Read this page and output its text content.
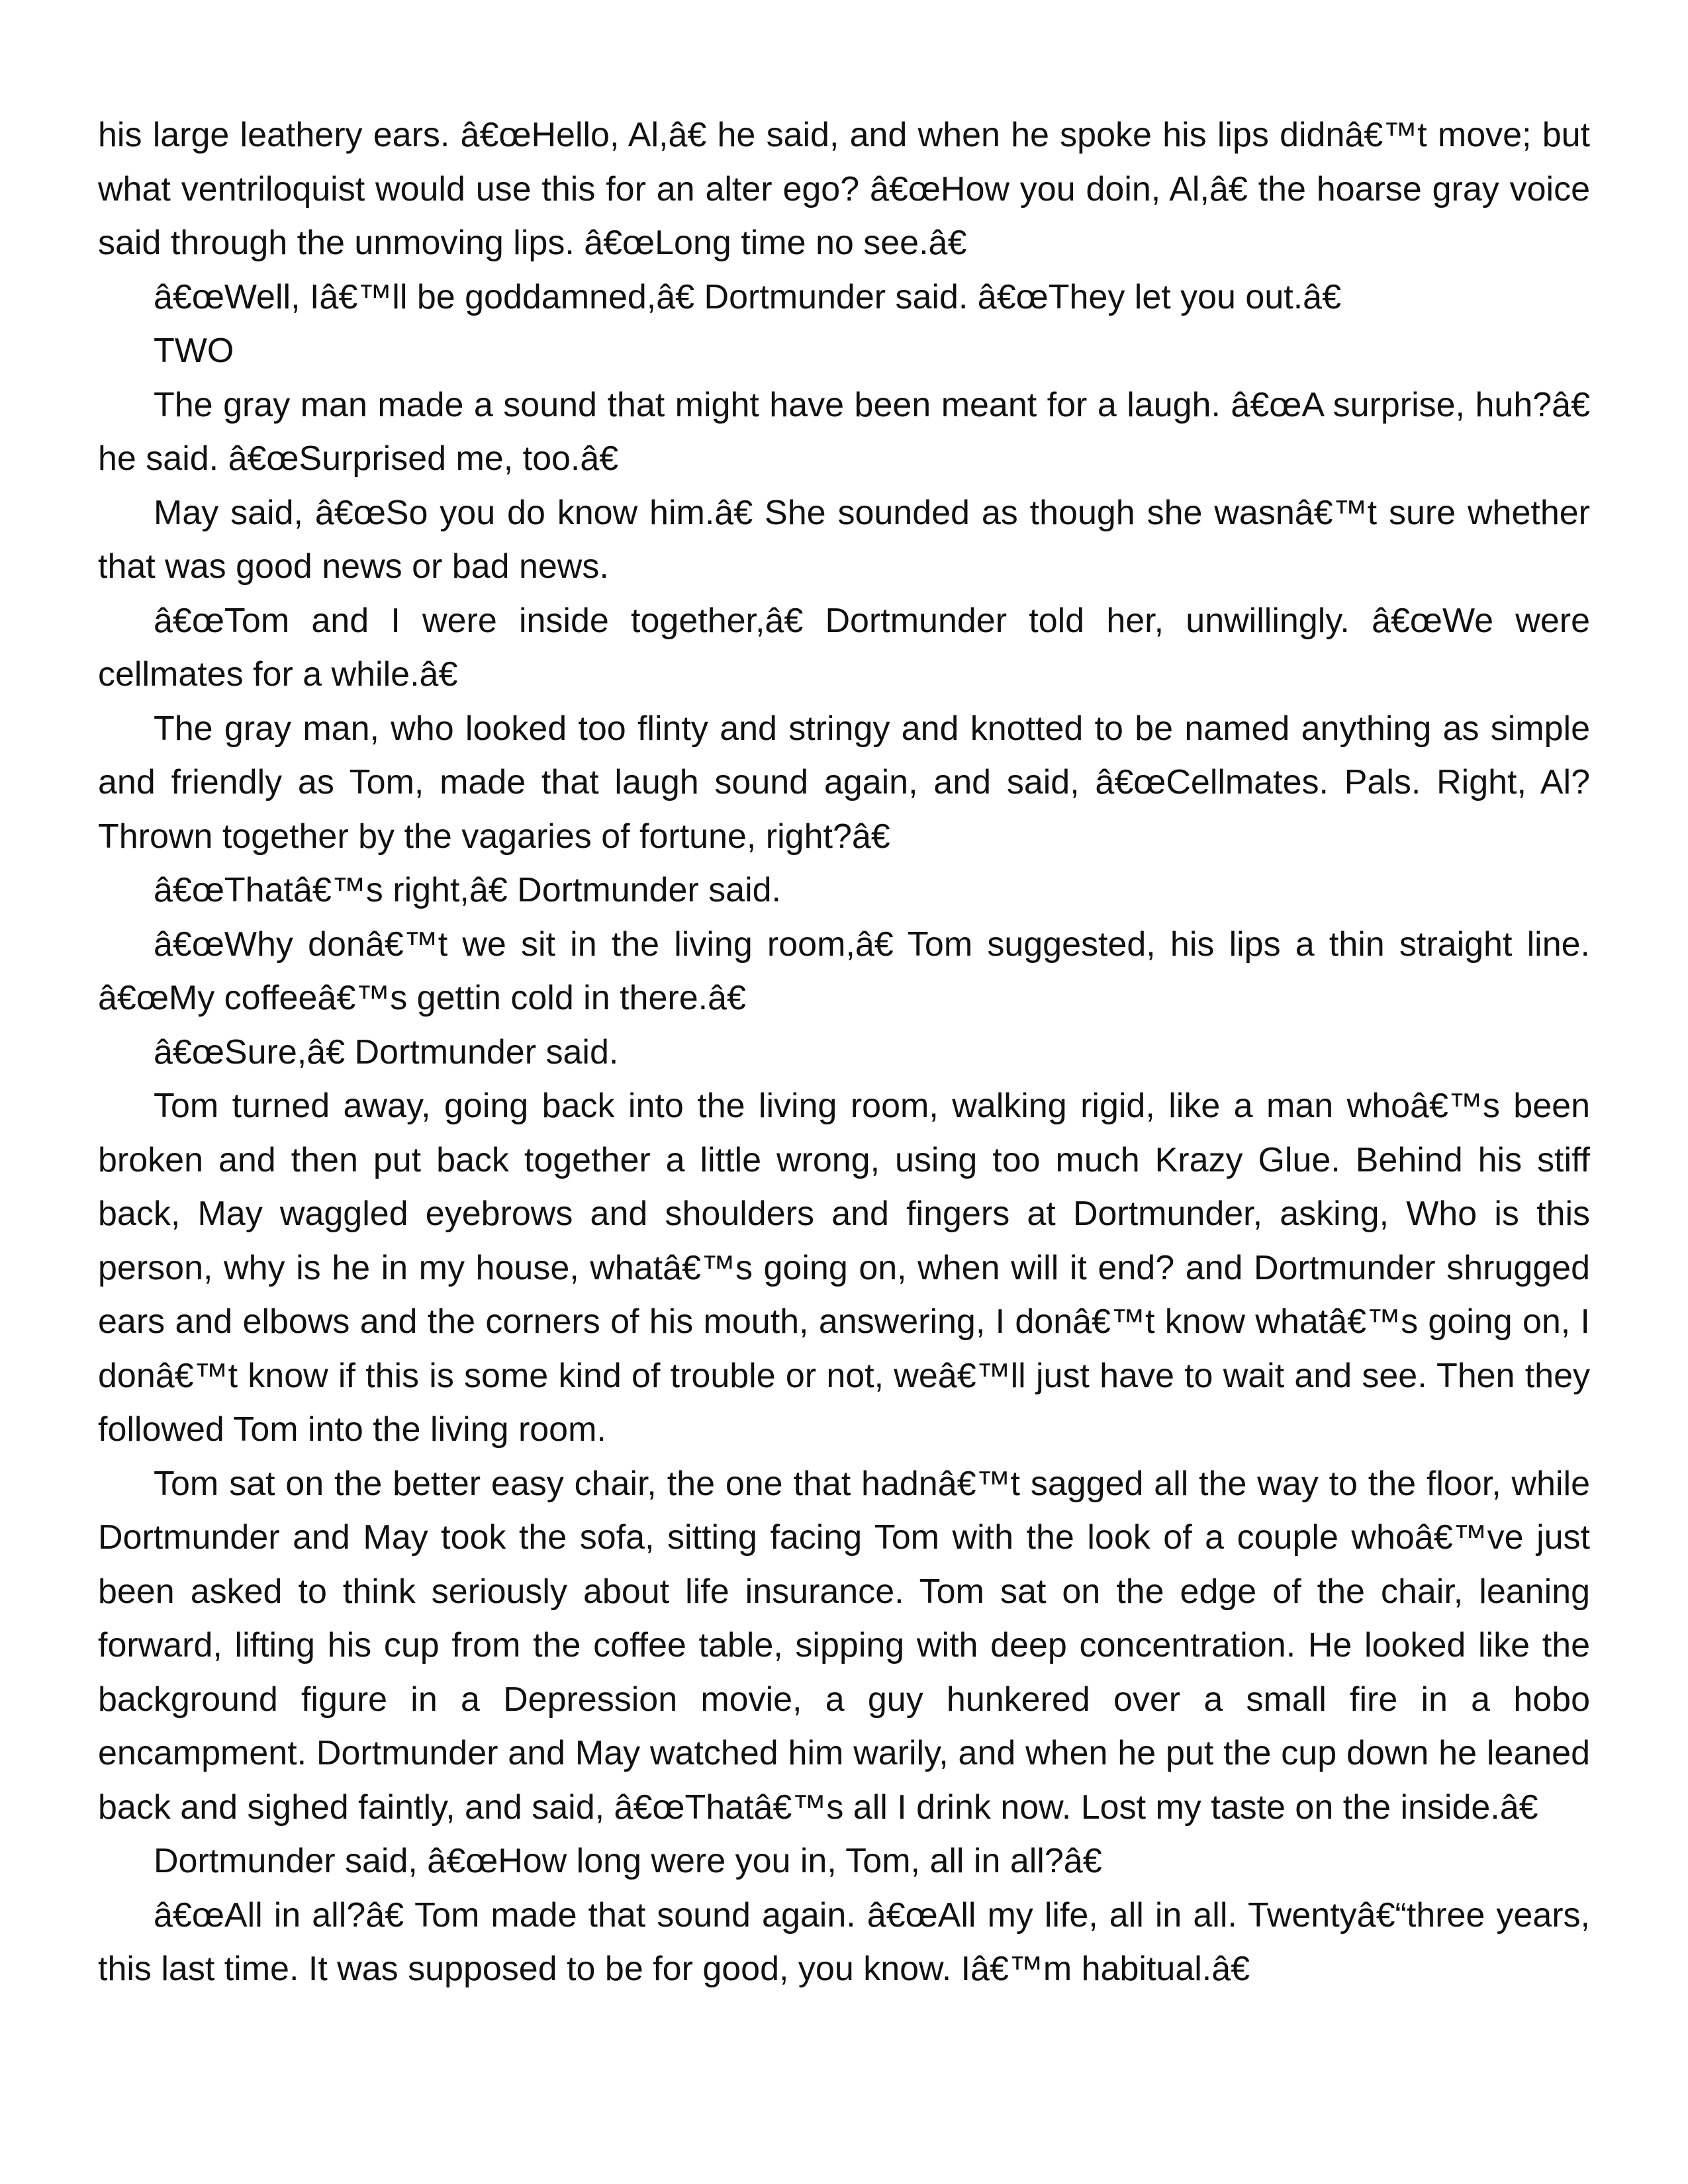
his large leathery ears. â€œHello, Al,â€ he said, and when he spoke his lips didnâ€™t move; but what ventriloquist would use this for an alter ego? â€œHow you doin, Al,â€ the hoarse gray voice said through the unmoving lips. â€œLong time no see.â€

â€œWell, Iâ€™ll be goddamned,â€ Dortmunder said. â€œThey let you out.â€

TWO

The gray man made a sound that might have been meant for a laugh. â€œA surprise, huh?â€ he said. â€œSurprised me, too.â€

May said, â€œSo you do know him.â€ She sounded as though she wasnâ€™t sure whether that was good news or bad news.

â€œTom and I were inside together,â€ Dortmunder told her, unwillingly. â€œWe were cellmates for a while.â€

The gray man, who looked too flinty and stringy and knotted to be named anything as simple and friendly as Tom, made that laugh sound again, and said, â€œCellmates. Pals. Right, Al? Thrown together by the vagaries of fortune, right?â€

â€œThatâ€™s right,â€ Dortmunder said.

â€œWhy donâ€™t we sit in the living room,â€ Tom suggested, his lips a thin straight line. â€œMy coffeeâ€™s gettin cold in there.â€

â€œSure,â€ Dortmunder said.

Tom turned away, going back into the living room, walking rigid, like a man whoâ€™s been broken and then put back together a little wrong, using too much Krazy Glue. Behind his stiff back, May waggled eyebrows and shoulders and fingers at Dortmunder, asking, Who is this person, why is he in my house, whatâ€™s going on, when will it end? and Dortmunder shrugged ears and elbows and the corners of his mouth, answering, I donâ€™t know whatâ€™s going on, I donâ€™t know if this is some kind of trouble or not, weâ€™ll just have to wait and see. Then they followed Tom into the living room.

Tom sat on the better easy chair, the one that hadnâ€™t sagged all the way to the floor, while Dortmunder and May took the sofa, sitting facing Tom with the look of a couple whoâ€™ve just been asked to think seriously about life insurance. Tom sat on the edge of the chair, leaning forward, lifting his cup from the coffee table, sipping with deep concentration. He looked like the background figure in a Depression movie, a guy hunkered over a small fire in a hobo encampment. Dortmunder and May watched him warily, and when he put the cup down he leaned back and sighed faintly, and said, â€œThatâ€™s all I drink now. Lost my taste on the inside.â€

Dortmunder said, â€œHow long were you in, Tom, all in all?â€

â€œAll in all?â€ Tom made that sound again. â€œAll my life, all in all. Twentyâ€“three years, this last time. It was supposed to be for good, you know. Iâ€™m habitual.â€
